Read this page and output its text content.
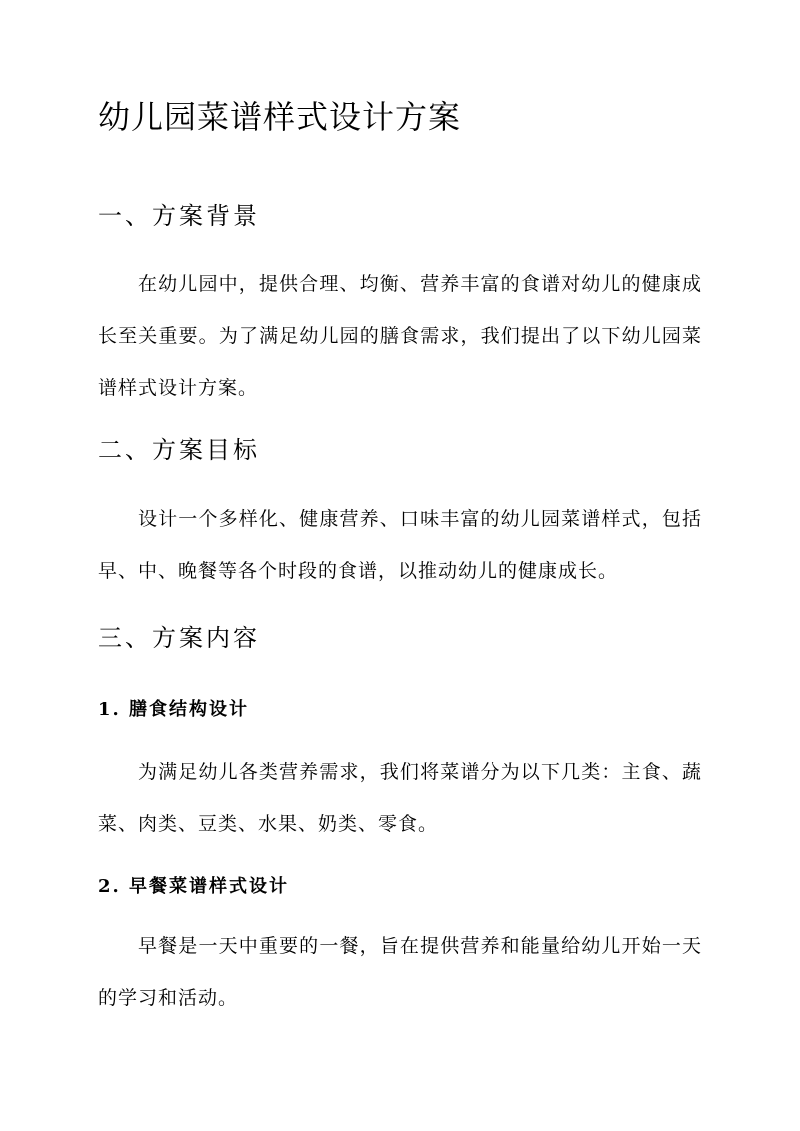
幼儿园菜谱样式设计方案
一、方案背景

在幼儿园中，提供合理、均衡、营养丰富的食谱对幼儿的健康成长至关重要。为了满足幼儿园的膳食需求，我们提出了以下幼儿园菜谱样式设计方案。

二、方案目标

设计一个多样化、健康营养、口味丰富的幼儿园菜谱样式，包括早、中、晚餐等各个时段的食谱，以推动幼儿的健康成长。

三、方案内容
1. 膳食结构设计

为满足幼儿各类营养需求，我们将菜谱分为以下几类：主食、蔬菜、肉类、豆类、水果、奶类、零食。

2. 早餐菜谱样式设计

早餐是一天中重要的一餐，旨在提供营养和能量给幼儿开始一天的学习和活动。
